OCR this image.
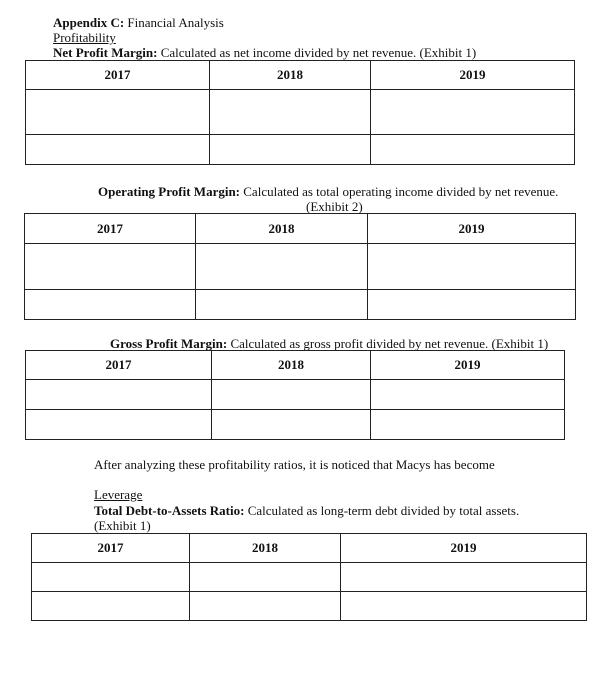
Appendix C: Financial Analysis
Profitability
Net Profit Margin: Calculated as net income divided by net revenue. (Exhibit 1)
2017	2018	2019

Operating Profit Margin: Calculated as total operating income divided by net revenue.
(Exhibit 2)
2017	2018	2019

Gross Profit Margin: Calculated as gross profit divided by net revenue. (Exhibit 1)
2017	2018	2019

After analyzing these profitability ratios, it is noticed that Macys has become
Leverage
Total Debt-to-Assets Ratio: Calculated as long-term debt divided by total assets.
(Exhibit 1)
2017	2018	2019
